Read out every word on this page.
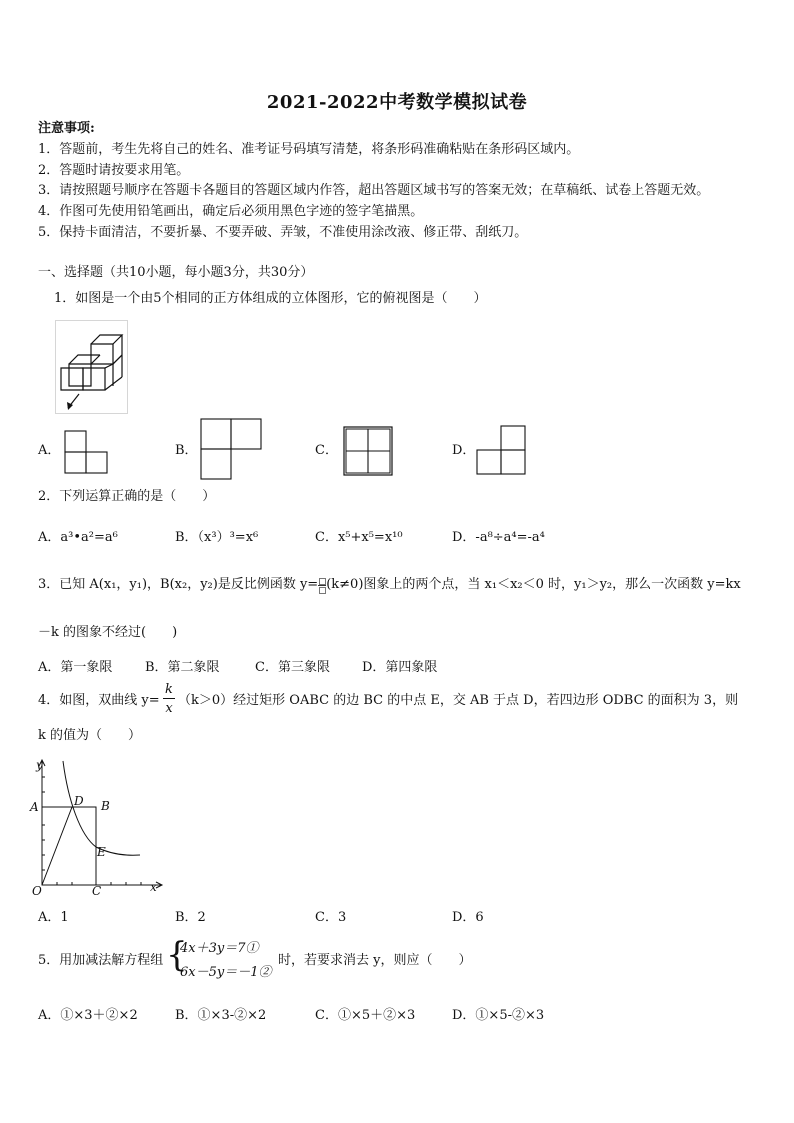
2021-2022中考数学模拟试卷
注意事项:
1．答题前，考生先将自己的姓名、准考证号码填写清楚，将条形码准确粘贴在条形码区域内。
2．答题时请按要求用笔。
3．请按照题号顺序在答题卡各题目的答题区域内作答，超出答题区域书写的答案无效；在草稿纸、试卷上答题无效。
4．作图可先使用铅笔画出，确定后必须用黑色字迹的签字笔描黑。
5．保持卡面清洁，不要折暴、不要弄破、弄皱，不准使用涂改液、修正带、刮纸刀。
一、选择题（共10小题，每小题3分，共30分）
1．如图是一个由5个相同的正方体组成的立体图形，它的俯视图是（　　）
A．	B．	C．	D．
2．下列运算正确的是（　　）
A．a³•a²=a⁶	B．（x³）³=x⁶	C．x⁵+x⁵=x¹⁰	D．-a⁸÷a⁴=-a⁴
3．已知 A(x₁，y₁)，B(x₂，y₂)是反比例函数 y= (k≠0)图象上的两个点，当 x₁＜x₂＜0 时，y₁＞y₂，那么一次函数 y=kx
－k 的图象不经过(　　)
A．第一象限	B．第二象限	C．第三象限 D．第四象限
4．如图，双曲线 y=
k
x
（k＞0）经过矩形 OABC 的边 BC 的中点 E，交 AB 于点 D，若四边形 ODBC 的面积为 3，则
k 的值为（　　）
y
x
A	B
C
D
E
O
A．1	B．2	C．3	D．6
5．用加减法解方程组 {
4x＋3y＝7①
6x－5y＝－1②
时，若要求消去 y，则应（　　）
A．①×3＋②×2	B．①×3-②×2	C．①×5＋②×3	D．①×5-②×3
